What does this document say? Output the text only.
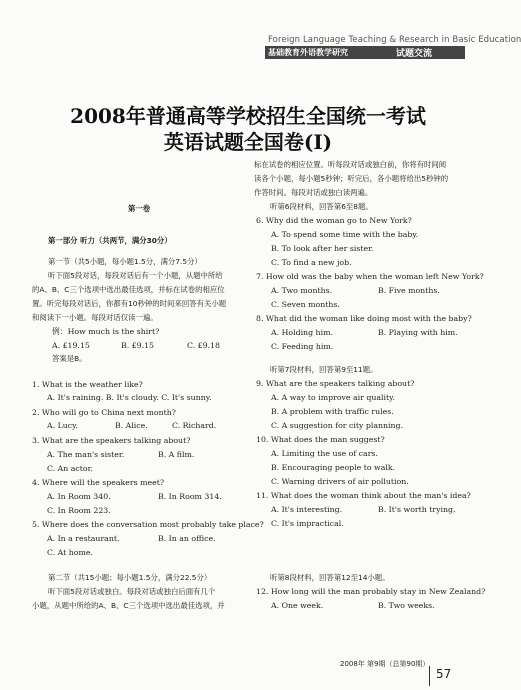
Foreign Language Teaching & Research in Basic Education
基础教育外语教学研究	试题交流
2008年普通高等学校招生全国统一考试
英语试题全国卷(I)
第一卷
第一部分 听力（共两节，满分30分）
第一节（共5小题，每小题1.5分，满分7.5分）
听下面5段对话，每段对话后有一个小题，从题中所给
的A、B、C三个选项中选出最佳选项，并标在试卷的相应位
置。听完每段对话后，你都有10秒钟的时间来回答有关小题
和阅读下一小题。每段对话仅读一遍。
例：How much is the shirt?
A. £19.15	B. £9.15	C. £9.18
答案是B。
1. What is the weather like?
A. It's raining. B. It's cloudy. C. It's sunny.
2. Who will go to China next month?
A. Lucy.	B. Alice.	C. Richard.
3. What are the speakers talking about?
A. The man's sister.	B. A film.
C. An actor.
4. Where will the speakers meet?
A. In Room 340.	B. In Room 314.
C. In Room 223.
5. Where does the conversation most probably take place?
A. In a restaurant.	B. In an office.
C. At home.
第二节（共15小题；每小题1.5分，满分22.5分）
听下面5段对话或独白。每段对话或独白后面有几个
小题，从题中所给的A、B、C三个选项中选出最佳选项，并
标在试卷的相应位置。听每段对话或独白前，你将有时间阅
读各个小题，每小题5秒钟；听完后，各小题将给出5秒钟的
作答时间。每段对话或独白读两遍。
听第6段材料，回答第6至8题。
6. Why did the woman go to New York?
A. To spend some time with the baby.
B. To look after her sister.
C. To find a new job.
7. How old was the baby when the woman left New York?
A. Two months.	B. Five months.
C. Seven months.
8. What did the woman like doing most with the baby?
A. Holding him.	B. Playing with him.
C. Feeding him.
听第7段材料，回答第9至11题。
9. What are the speakers talking about?
A. A way to improve air quality.
B. A problem with traffic rules.
C. A suggestion for city planning.
10. What does the man suggest?
A. Limiting the use of cars.
B. Encouraging people to walk.
C. Warning drivers of air pollution.
11. What does the woman think about the man's idea?
A. It's interesting.	B. It's worth trying.
C. It's impractical.
听第8段材料，回答第12至14小题。
12. How long will the man probably stay in New Zealand?
A. One week.	B. Two weeks.
2008年 第9期（总第90期）
57
